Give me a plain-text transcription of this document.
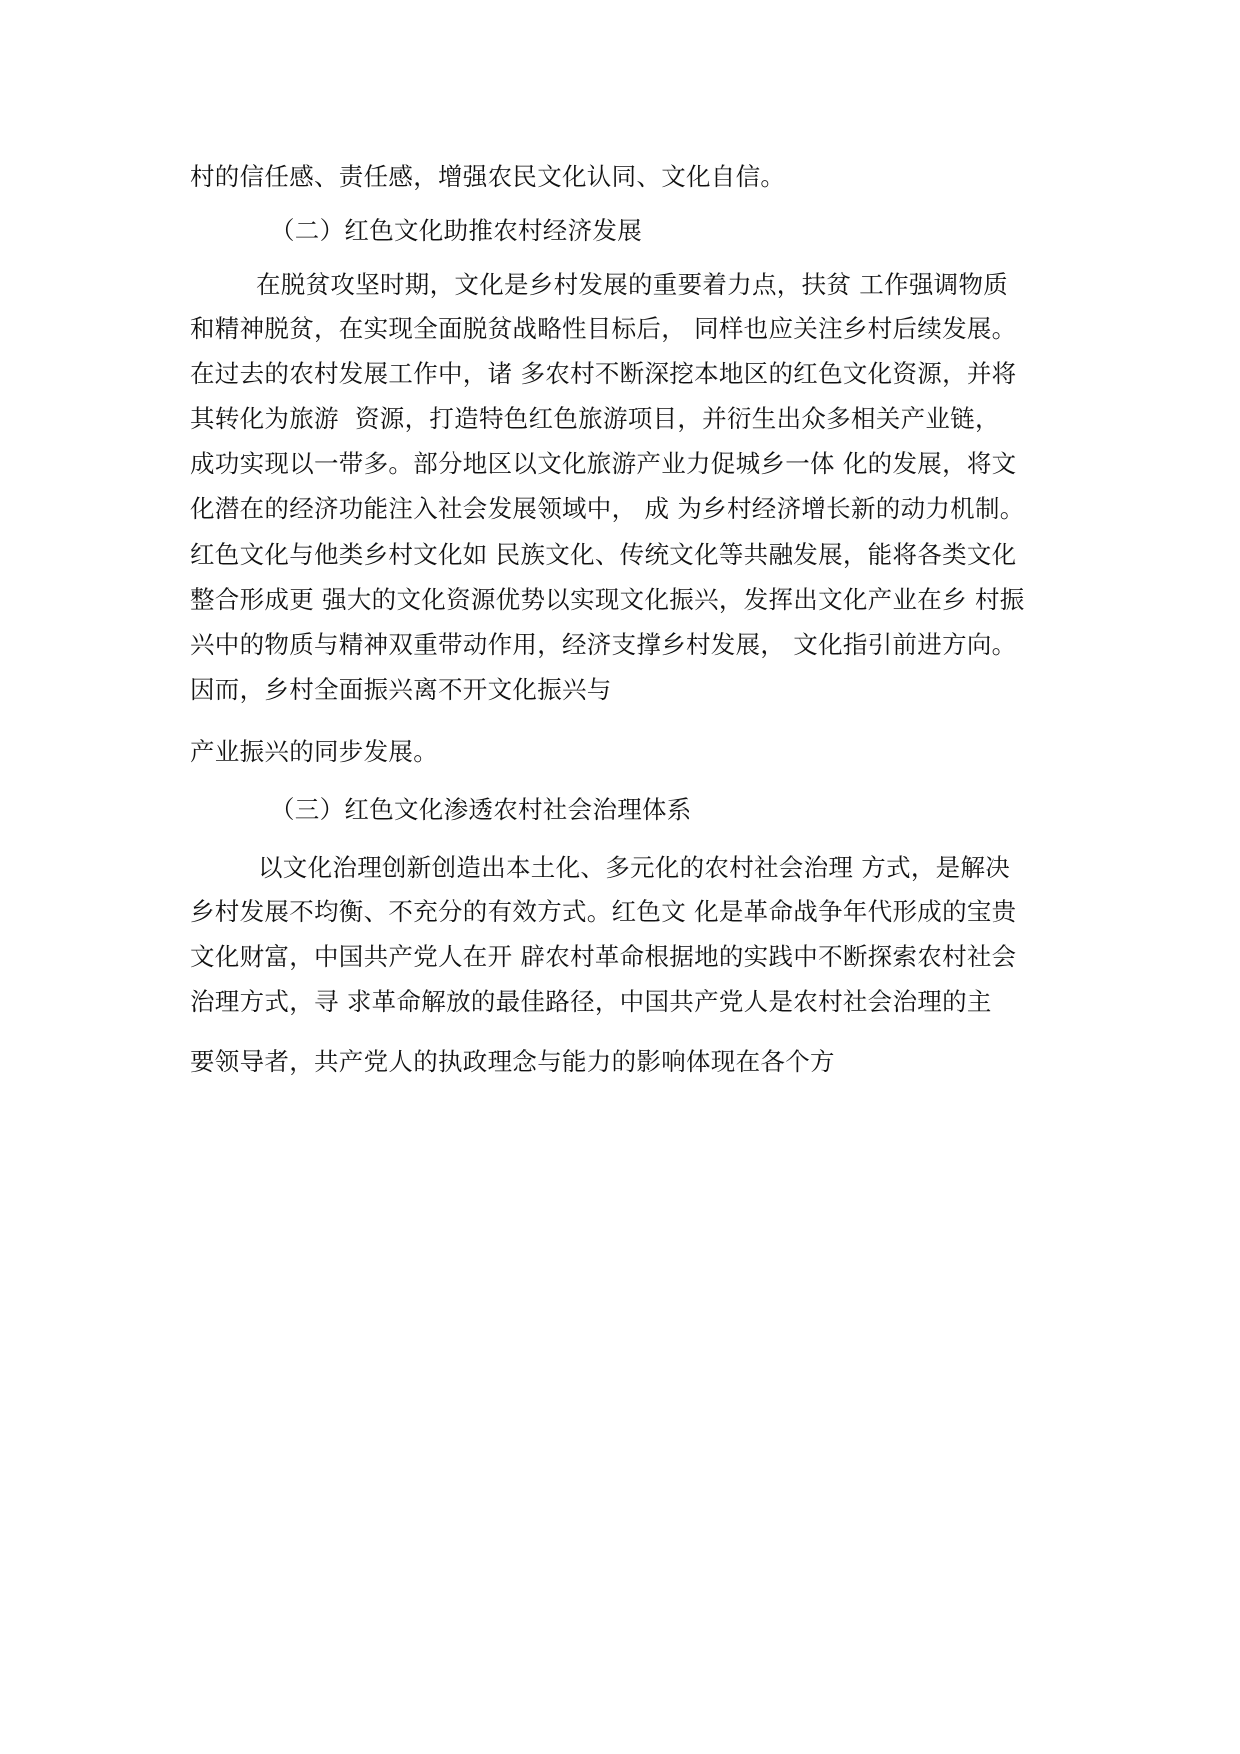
村的信任感、责任感，增强农民文化认同、文化自信。
（二）红色文化助推农村经济发展
在脱贫攻坚时期，文化是乡村发展的重要着力点，扶贫 工作强调物质
和精神脱贫，在实现全面脱贫战略性目标后， 同样也应关注乡村后续发展。
在过去的农村发展工作中，诸 多农村不断深挖本地区的红色文化资源，并将
其转化为旅游  资源，打造特色红色旅游项目，并衍生出众多相关产业链，
成功实现以一带多。部分地区以文化旅游产业力促城乡一体 化的发展，将文
化潜在的经济功能注入社会发展领域中， 成 为乡村经济增长新的动力机制。
红色文化与他类乡村文化如 民族文化、传统文化等共融发展，能将各类文化
整合形成更 强大的文化资源优势以实现文化振兴，发挥出文化产业在乡 村振
兴中的物质与精神双重带动作用，经济支撑乡村发展， 文化指引前进方向。
因而，乡村全面振兴离不开文化振兴与
产业振兴的同步发展。
（三）红色文化渗透农村社会治理体系
以文化治理创新创造出本土化、多元化的农村社会治理 方式，是解决
乡村发展不均衡、不充分的有效方式。红色文 化是革命战争年代形成的宝贵
文化财富，中国共产党人在开 辟农村革命根据地的实践中不断探索农村社会
治理方式，寻 求革命解放的最佳路径，中国共产党人是农村社会治理的主
要领导者，共产党人的执政理念与能力的影响体现在各个方
